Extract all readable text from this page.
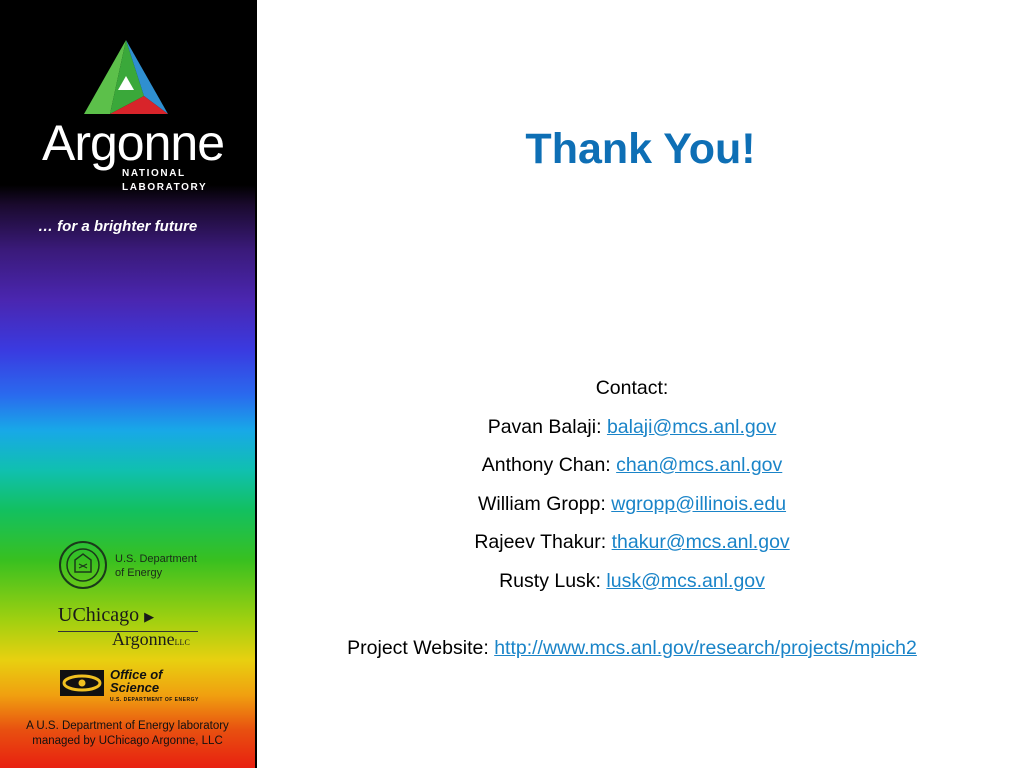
Argonne
NATIONAL
LABORATORY
… for a brighter future
U.S. Department
of Energy
UChicago ▶
ArgonneLLC
Office of
Science
U.S. DEPARTMENT OF ENERGY
A U.S. Department of Energy laboratory
managed by UChicago Argonne, LLC
Thank You!
Contact:
Pavan Balaji: balaji@mcs.anl.gov
Anthony Chan: chan@mcs.anl.gov
William Gropp: wgropp@illinois.edu
Rajeev Thakur: thakur@mcs.anl.gov
Rusty Lusk: lusk@mcs.anl.gov
Project Website: http://www.mcs.anl.gov/research/projects/mpich2
